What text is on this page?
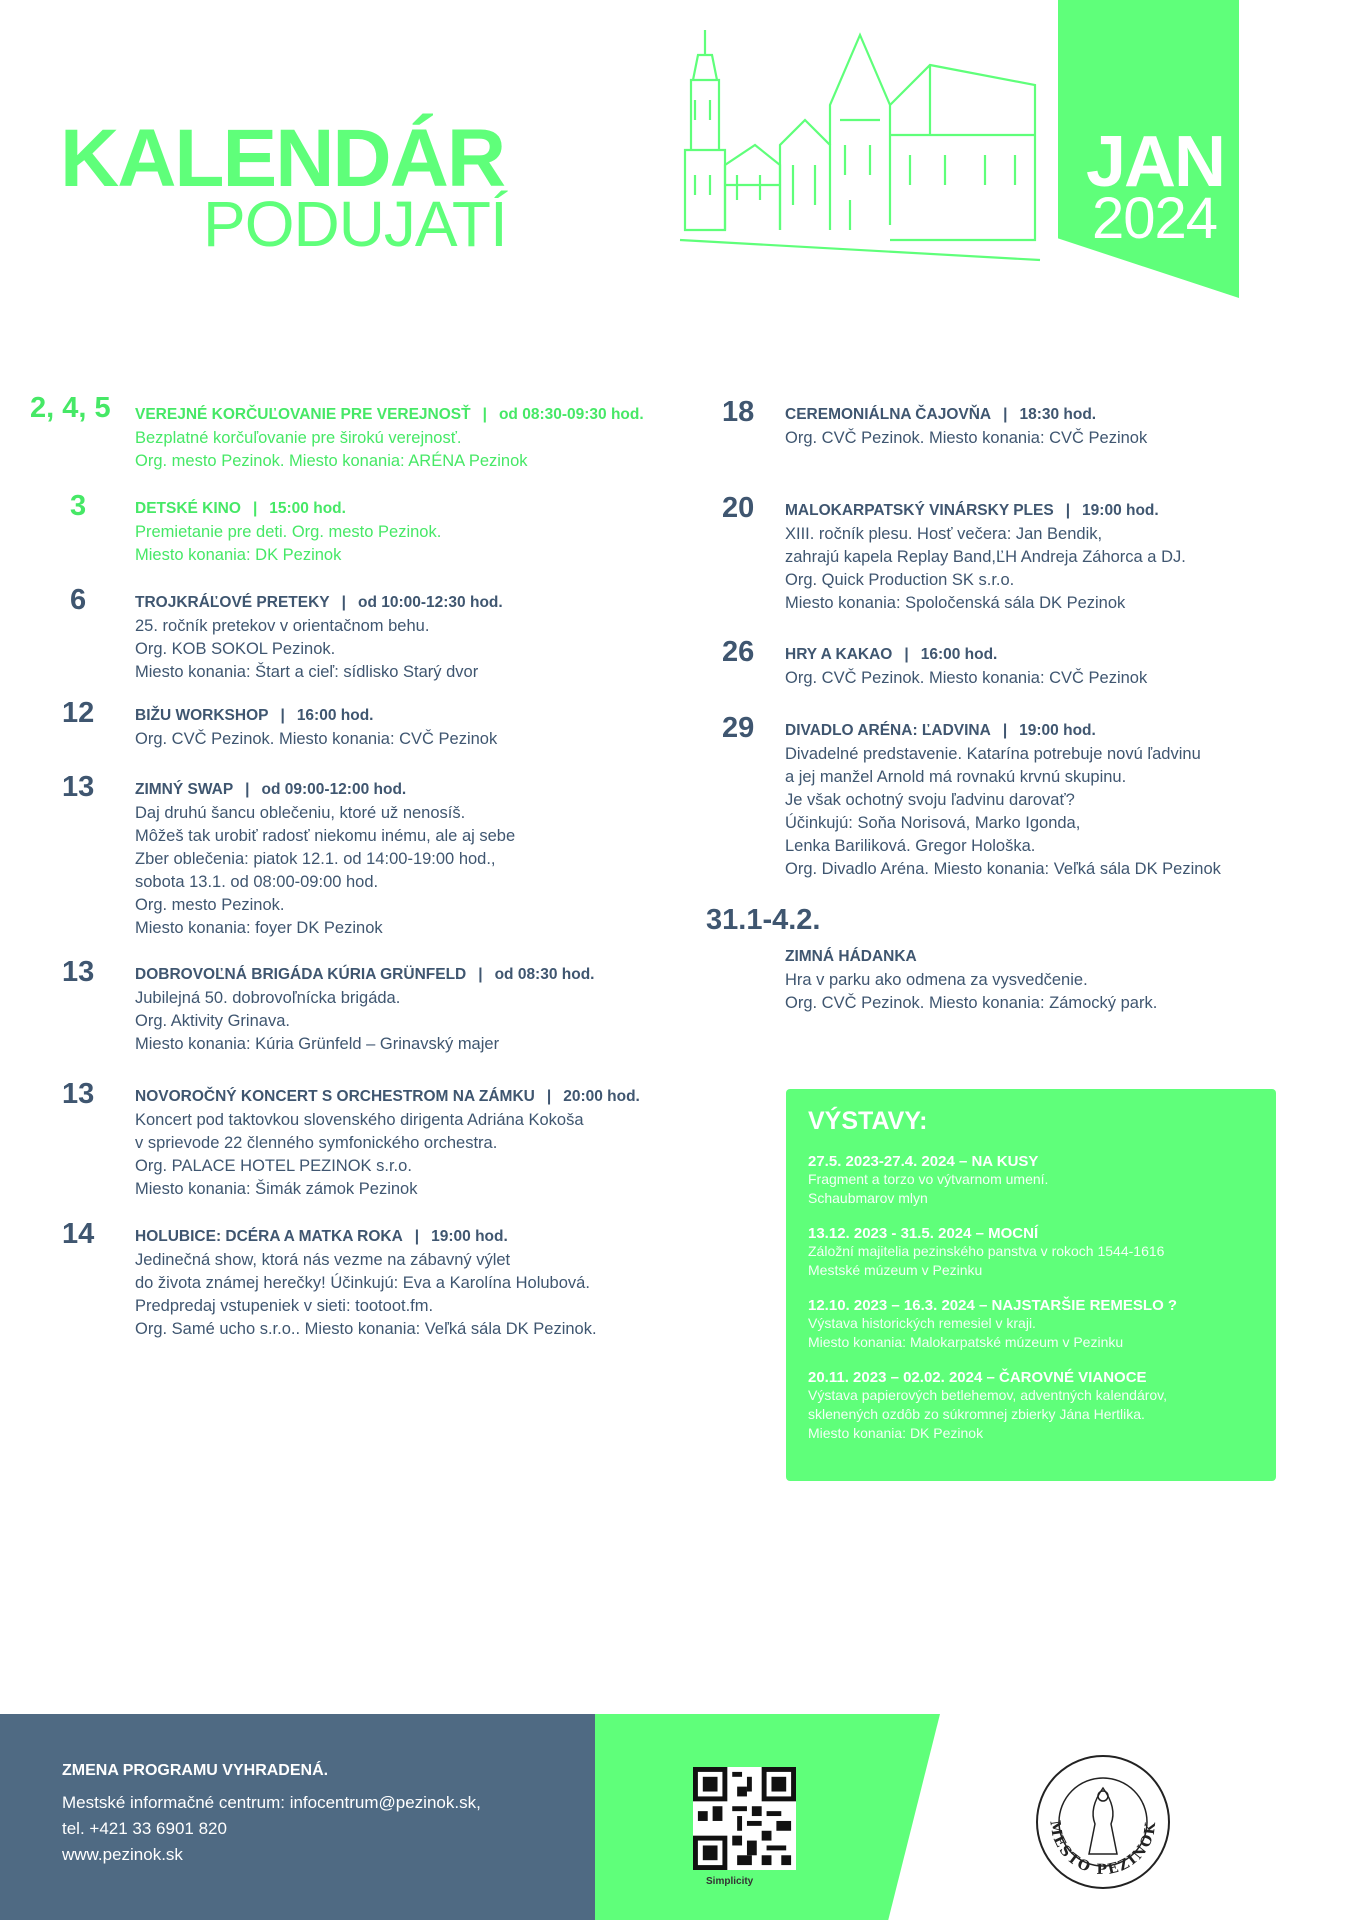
KALENDÁR
PODUJATÍ
JAN
2024
2, 4, 5 VEREJNÉ KORČUĽOVANIE PRE VEREJNOSŤ | od 08:30-09:30 hod.
Bezplatné korčuľovanie pre širokú verejnosť.
Org. mesto Pezinok. Miesto konania: ARÉNA Pezinok
3	DETSKÉ KINO | 15:00 hod.
Premietanie pre deti. Org. mesto Pezinok.
Miesto konania: DK Pezinok
6	TROJKRÁĽOVÉ PRETEKY | od 10:00-12:30 hod.
25. ročník pretekov v orientačnom behu.
Org. KOB SOKOL Pezinok.
Miesto konania: Štart a cieľ: sídlisko Starý dvor
12	BIŽU WORKSHOP | 16:00 hod.
Org. CVČ Pezinok. Miesto konania: CVČ Pezinok
13	ZIMNÝ SWAP | od 09:00-12:00 hod.
Daj druhú šancu oblečeniu, ktoré už nenosíš.
Môžeš tak urobiť radosť niekomu inému, ale aj sebe
Zber oblečenia: piatok 12.1. od 14:00-19:00 hod.,
sobota 13.1. od 08:00-09:00 hod.
Org. mesto Pezinok.
Miesto konania: foyer DK Pezinok
13	DOBROVOĽNÁ BRIGÁDA KÚRIA GRÜNFELD | od 08:30 hod.
Jubilejná 50. dobrovoľnícka brigáda.
Org. Aktivity Grinava.
Miesto konania: Kúria Grünfeld – Grinavský majer
13	NOVOROČNÝ KONCERT S ORCHESTROM NA ZÁMKU | 20:00 hod.
Koncert pod taktovkou slovenského dirigenta Adriána Kokoša
v sprievode 22 členného symfonického orchestra.
Org. PALACE HOTEL PEZINOK s.r.o.
Miesto konania: Šimák zámok Pezinok
14	HOLUBICE: DCÉRA A MATKA ROKA | 19:00 hod.
Jedinečná show, ktorá nás vezme na zábavný výlet
do života známej herečky! Účinkujú: Eva a Karolína Holubová.
Predpredaj vstupeniek v sieti: tootoot.fm.
Org. Samé ucho s.r.o.. Miesto konania: Veľká sála DK Pezinok.
18 CEREMONIÁLNA ČAJOVŇA | 18:30 hod.
Org. CVČ Pezinok. Miesto konania: CVČ Pezinok
20 MALOKARPATSKÝ VINÁRSKY PLES | 19:00 hod.
XIII. ročník plesu. Hosť večera: Jan Bendik,
zahrajú kapela Replay Band,ĽH Andreja Záhorca a DJ.
Org. Quick Production SK s.r.o.
Miesto konania: Spoločenská sála DK Pezinok
26 HRY A KAKAO | 16:00 hod.
Org. CVČ Pezinok. Miesto konania: CVČ Pezinok
29 DIVADLO ARÉNA: ĽADVINA | 19:00 hod.
Divadelné predstavenie. Katarína potrebuje novú ľadvinu
a jej manžel Arnold má rovnakú krvnú skupinu.
Je však ochotný svoju ľadvinu darovať?
Účinkujú: Soňa Norisová, Marko Igonda,
Lenka Bariliková. Gregor Hološka.
Org. Divadlo Aréna. Miesto konania: Veľká sála DK Pezinok
31.1-4.2.
ZIMNÁ HÁDANKA
Hra v parku ako odmena za vysvedčenie.
Org. CVČ Pezinok. Miesto konania: Zámocký park.
VÝSTAVY:
27.5. 2023-27.4. 2024 – NA KUSY
Fragment a torzo vo výtvarnom umení.
Schaubmarov mlyn
13.12. 2023 - 31.5. 2024 – MOCNÍ
Záložní majitelia pezinského panstva v rokoch 1544-1616
Mestské múzeum v Pezinku
12.10. 2023 – 16.3. 2024 – NAJSTARŠIE REMESLO ?
Výstava historických remesiel v kraji.
Miesto konania: Malokarpatské múzeum v Pezinku
20.11. 2023 – 02.02. 2024 – ČAROVNÉ VIANOCE
Výstava papierových betlehemov, adventných kalendárov,
sklenených ozdôb zo súkromnej zbierky Jána Hertlika.
Miesto konania: DK Pezinok
ZMENA PROGRAMU VYHRADENÁ.
Mestské informačné centrum: infocentrum@pezinok.sk,
tel. +421 33 6901 820
www.pezinok.sk
Simplicity
MESTO PEZINOK
